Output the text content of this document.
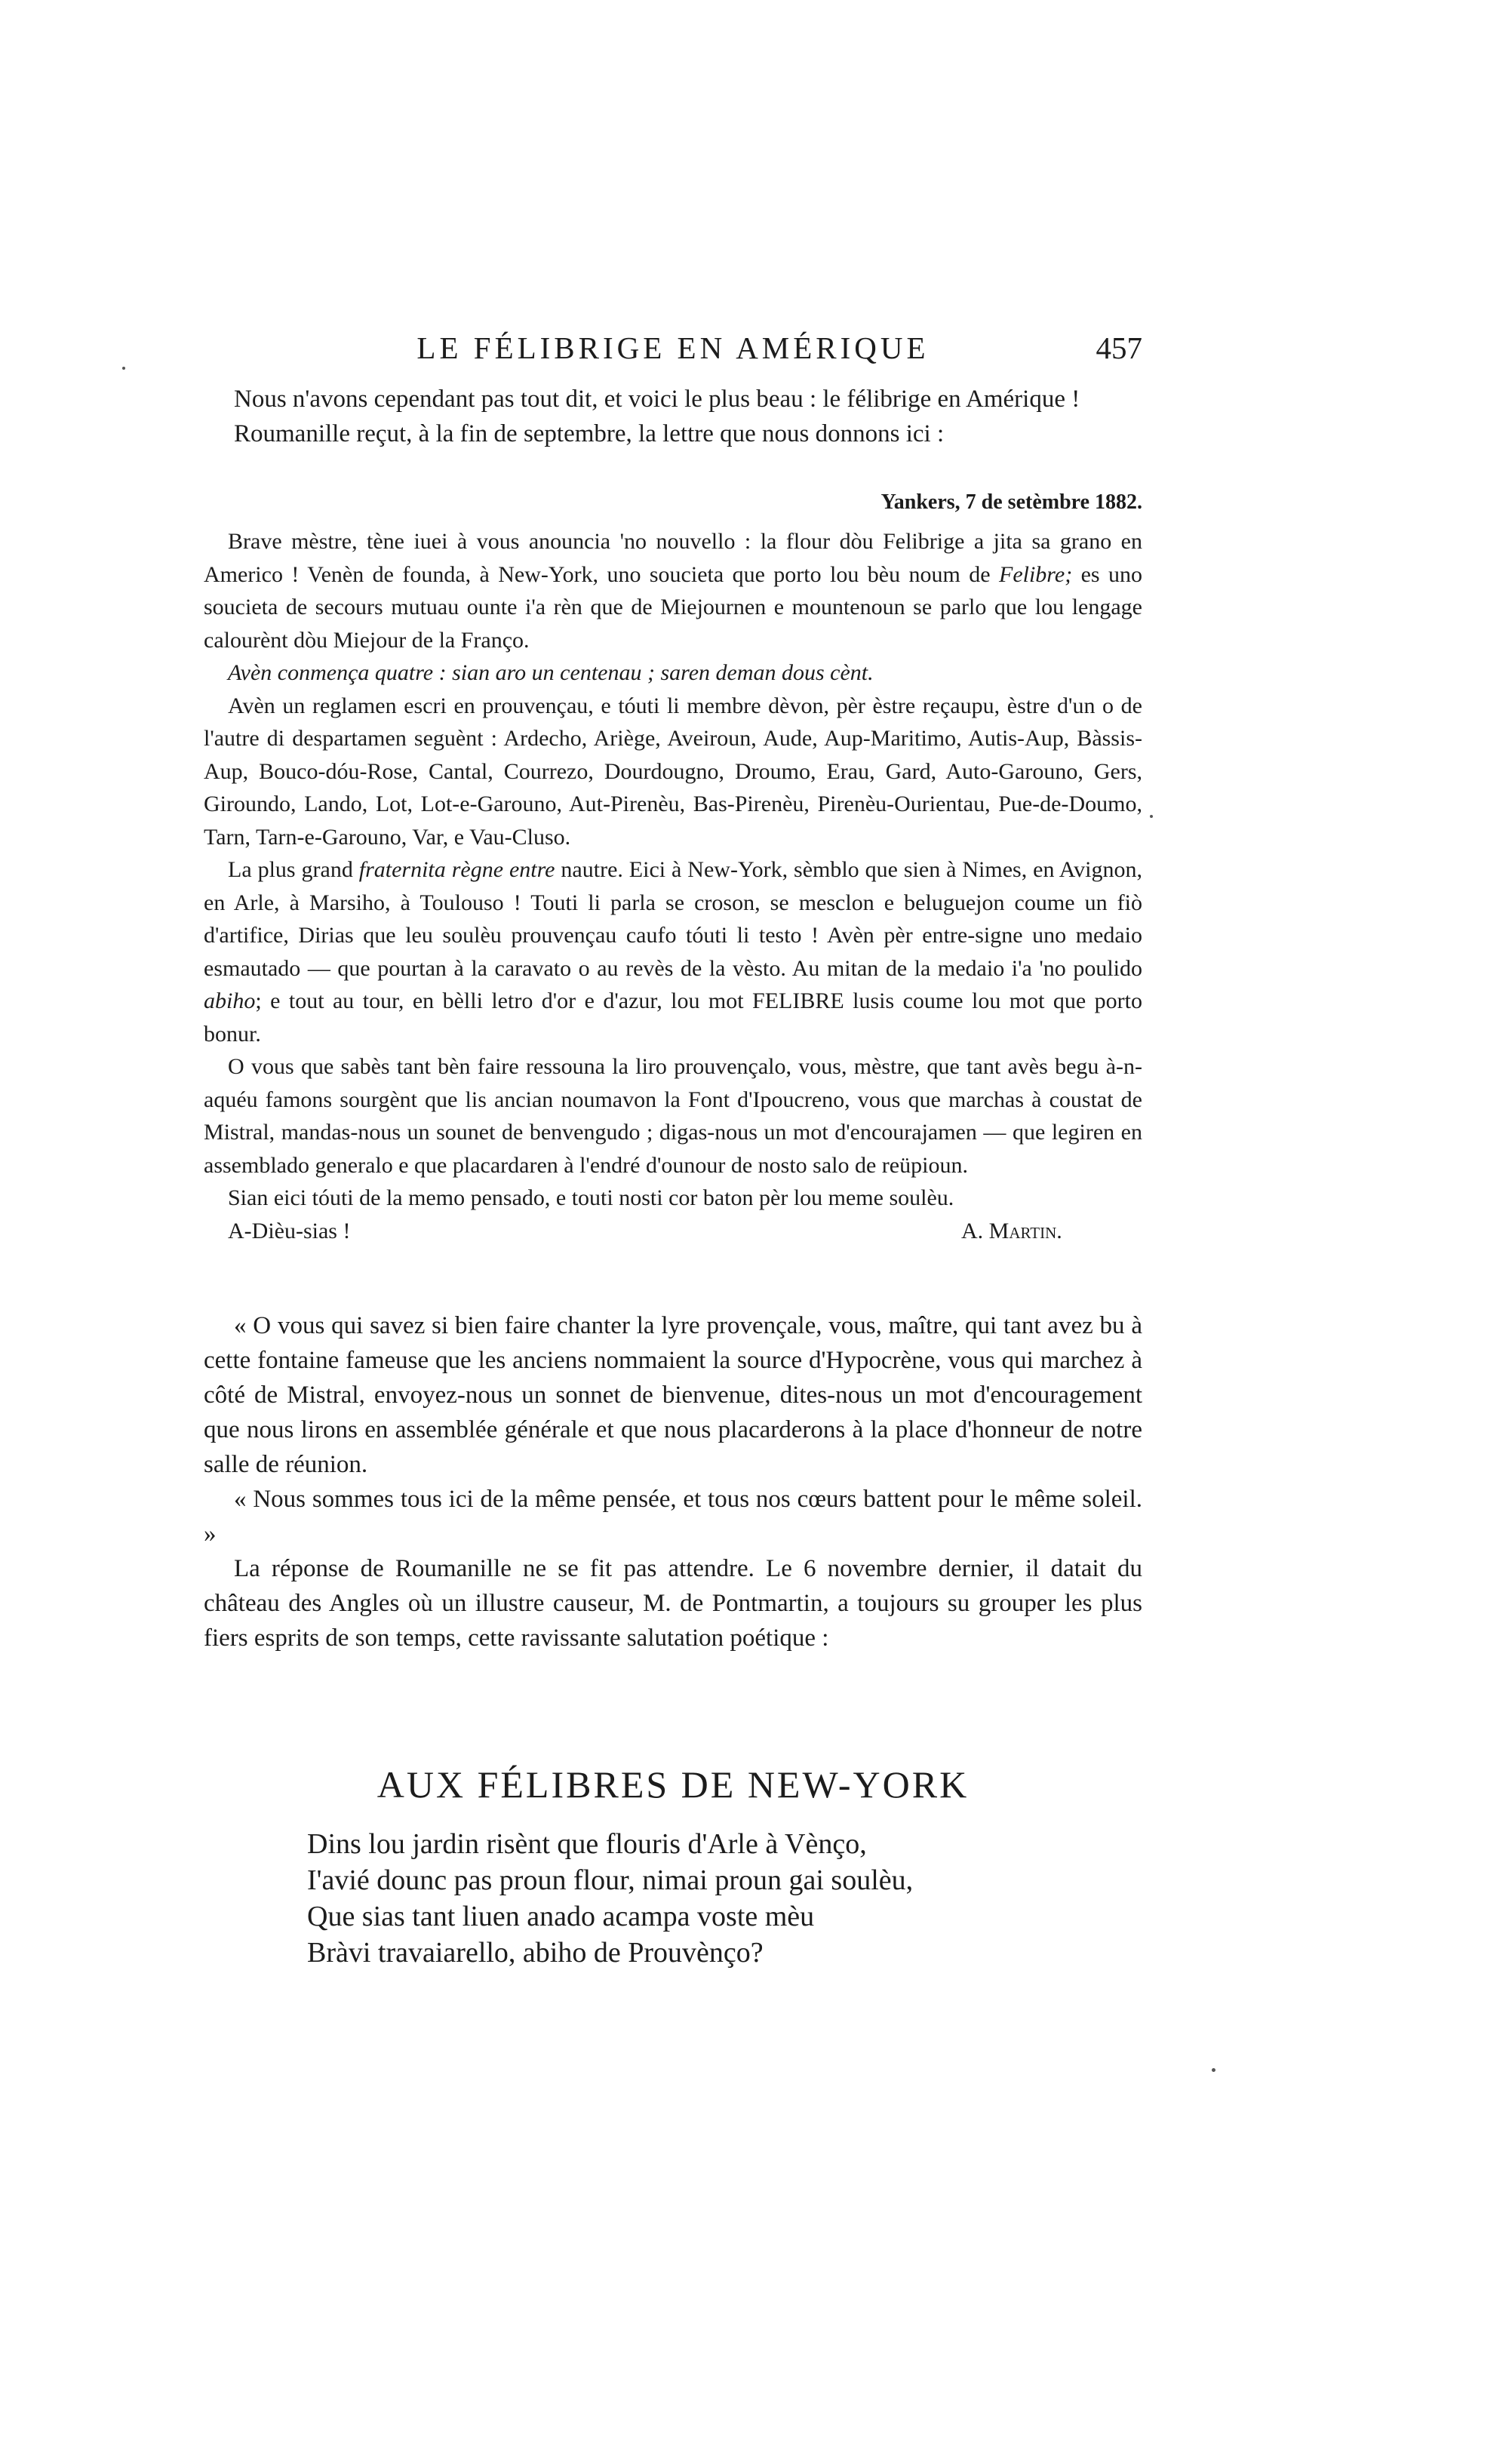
LE FÉLIBRIGE EN AMÉRIQUE	457

Nous n'avons cependant pas tout dit, et voici le plus beau : le félibrige en Amérique !

Roumanille reçut, à la fin de septembre, la lettre que nous donnons ici :

Yankers, 7 de setèmbre 1882.

Brave mèstre, tène iuei à vous anouncia 'no nouvello : la flour dòu Felibrige a jita sa grano en Americo ! Venèn de founda, à New-York, uno soucieta que porto lou bèu noum de Felibre; es uno soucieta de secours mutuau ounte i'a rèn que de Miejournen e mountenoun se parlo que lou lengage calourènt dòu Miejour de la Franço.

Avèn conmença quatre : sian aro un centenau ; saren deman dous cènt.

Avèn un reglamen escri en prouvençau, e tóuti li membre dèvon, pèr èstre reçaupu, èstre d'un o de l'autre di despartamen seguènt : Ardecho, Ariège, Aveiroun, Aude, Aup-Maritimo, Autis-Aup, Bàssis-Aup, Bouco-dóu-Rose, Cantal, Courrezo, Dourdougno, Droumo, Erau, Gard, Auto-Garouno, Gers, Giroundo, Lando, Lot, Lot-e-Garouno, Aut-Pirenèu, Bas-Pirenèu, Pirenèu-Ourientau, Pue-de-Doumo, Tarn, Tarn-e-Garouno, Var, e Vau-Cluso.

La plus grand fraternita règne entre nautre. Eici à New-York, sèmblo que sien à Nimes, en Avignon, en Arle, à Marsiho, à Toulouso ! Touti li parla se croson, se mesclon e beluguejon coume un fiò d'artifice, Dirias que leu soulèu prouvençau caufo tóuti li testo ! Avèn pèr entre-signe uno medaio esmautado — que pourtan à la caravato o au revès de la vèsto. Au mitan de la medaio i'a 'no poulido abiho; e tout au tour, en bèlli letro d'or e d'azur, lou mot FELIBRE lusis coume lou mot que porto bonur.

O vous que sabès tant bèn faire ressouna la liro prouvençalo, vous, mèstre, que tant avès begu à-n-aquéu famons sourgènt que lis ancian noumavon la Font d'Ipoucreno, vous que marchas à coustat de Mistral, mandas-nous un sounet de benvengudo ; digas-nous un mot d'encourajamen — que legiren en assemblado generalo e que placardaren à l'endré d'ounour de nosto salo de reüpioun.

Sian eici tóuti de la memo pensado, e touti nosti cor baton pèr lou meme soulèu.

A-Dièu-sias !	A. Martin.

« O vous qui savez si bien faire chanter la lyre provençale, vous, maître, qui tant avez bu à cette fontaine fameuse que les anciens nommaient la source d'Hypocrène, vous qui marchez à côté de Mistral, envoyez-nous un sonnet de bienvenue, dites-nous un mot d'encouragement que nous lirons en assemblée générale et que nous placarderons à la place d'honneur de notre salle de réunion.

« Nous sommes tous ici de la même pensée, et tous nos cœurs battent pour le même soleil. »

La réponse de Roumanille ne se fit pas attendre. Le 6 novembre dernier, il datait du château des Angles où un illustre causeur, M. de Pontmartin, a toujours su grouper les plus fiers esprits de son temps, cette ravissante salutation poétique :

AUX FÉLIBRES DE NEW-YORK
Dins lou jardin risènt que flouris d'Arle à Vènço,
I'avié dounc pas proun flour, nimai proun gai soulèu,
Que sias tant liuen anado acampa voste mèu
Bràvi travaiarello, abiho de Prouvènço?
